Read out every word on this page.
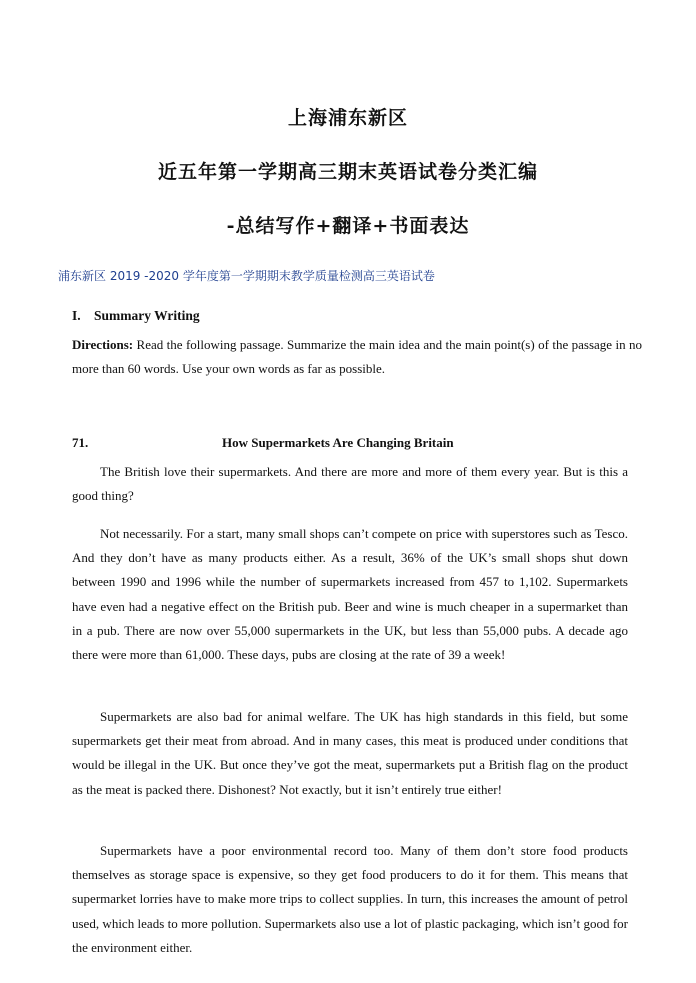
上海浦东新区
近五年第一学期高三期末英语试卷分类汇编
-总结写作+翻译+书面表达
浦东新区 2019 -2020 学年度第一学期期末教学质量检测高三英语试卷
I. Summary Writing
Directions: Read the following passage. Summarize the main idea and the main point(s) of the passage in no more than 60 words. Use your own words as far as possible.
71.	How Supermarkets Are Changing Britain

The British love their supermarkets. And there are more and more of them every year. But is this a good thing?

Not necessarily. For a start, many small shops can’t compete on price with superstores such as Tesco. And they don’t have as many products either. As a result, 36% of the UK’s small shops shut down between 1990 and 1996 while the number of supermarkets increased from 457 to 1,102. Supermarkets have even had a negative effect on the British pub. Beer and wine is much cheaper in a supermarket than in a pub. There are now over 55,000 supermarkets in the UK, but less than 55,000 pubs. A decade ago there were more than 61,000. These days, pubs are closing at the rate of 39 a week!

Supermarkets are also bad for animal welfare. The UK has high standards in this field, but some supermarkets get their meat from abroad. And in many cases, this meat is produced under conditions that would be illegal in the UK. But once they’ve got the meat, supermarkets put a British flag on the product as the meat is packed there. Dishonest? Not exactly, but it isn’t entirely true either!

Supermarkets have a poor environmental record too. Many of them don’t store food products themselves as storage space is expensive, so they get food producers to do it for them. This means that supermarket lorries have to make more trips to collect supplies. In turn, this increases the amount of petrol used, which leads to more pollution. Supermarkets also use a lot of plastic packaging, which isn’t good for the environment either.
